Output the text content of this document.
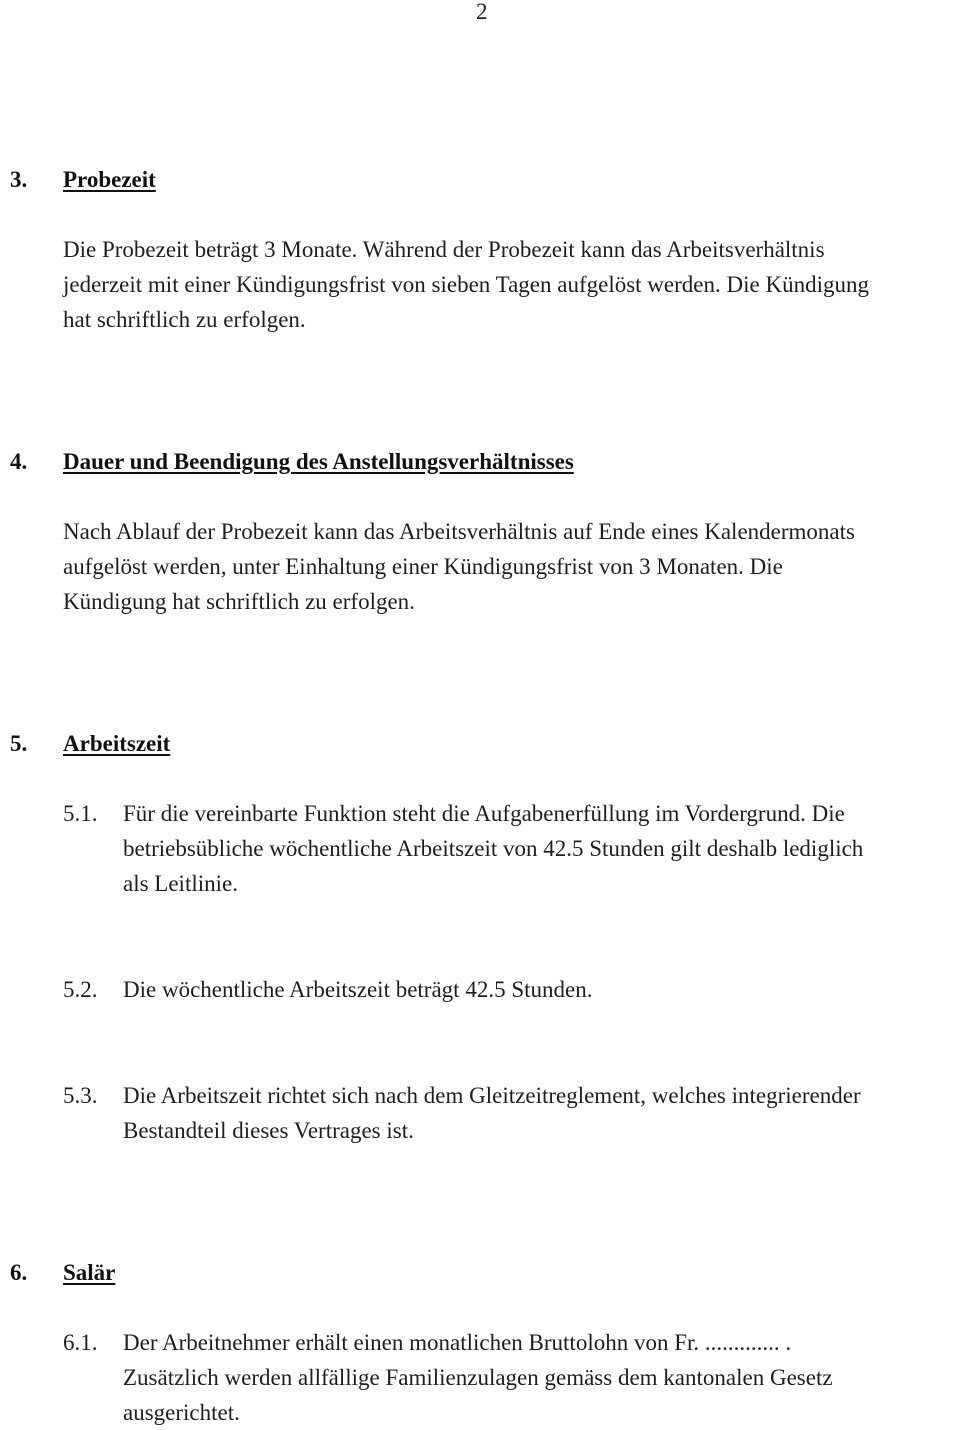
2
3. Probezeit
Die Probezeit beträgt 3 Monate. Während der Probezeit kann das Arbeitsverhältnis
jederzeit mit einer Kündigungsfrist von sieben Tagen aufgelöst werden. Die Kündigung
hat schriftlich zu erfolgen.
4. Dauer und Beendigung des Anstellungsverhältnisses
Nach Ablauf der Probezeit kann das Arbeitsverhältnis auf Ende eines Kalendermonats
aufgelöst werden, unter Einhaltung einer Kündigungsfrist von 3 Monaten. Die
Kündigung hat schriftlich zu erfolgen.
5. Arbeitszeit
5.1. Für die vereinbarte Funktion steht die Aufgabenerfüllung im Vordergrund. Die
betriebsübliche wöchentliche Arbeitszeit von 42.5 Stunden gilt deshalb lediglich
als Leitlinie.
5.2. Die wöchentliche Arbeitszeit beträgt 42.5 Stunden.
5.3. Die Arbeitszeit richtet sich nach dem Gleitzeitreglement, welches integrierender
Bestandteil dieses Vertrages ist.
6. Salär
6.1. Der Arbeitnehmer erhält einen monatlichen Bruttolohn von Fr. ............. .
Zusätzlich werden allfällige Familienzulagen gemäss dem kantonalen Gesetz
ausgerichtet.
